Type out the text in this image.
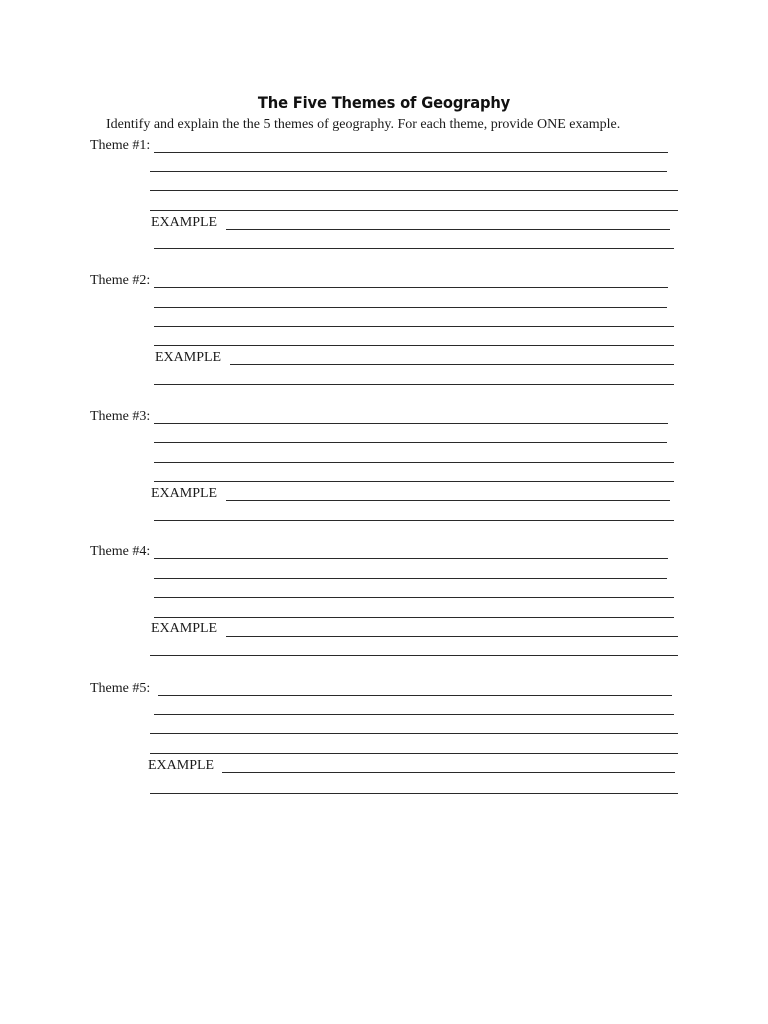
The Five Themes of Geography
Identify and explain the the 5 themes of geography. For each theme, provide ONE example.
Theme #1:
EXAMPLE
Theme #2:
EXAMPLE
Theme #3:
EXAMPLE
Theme #4:
EXAMPLE
Theme #5:
EXAMPLE
